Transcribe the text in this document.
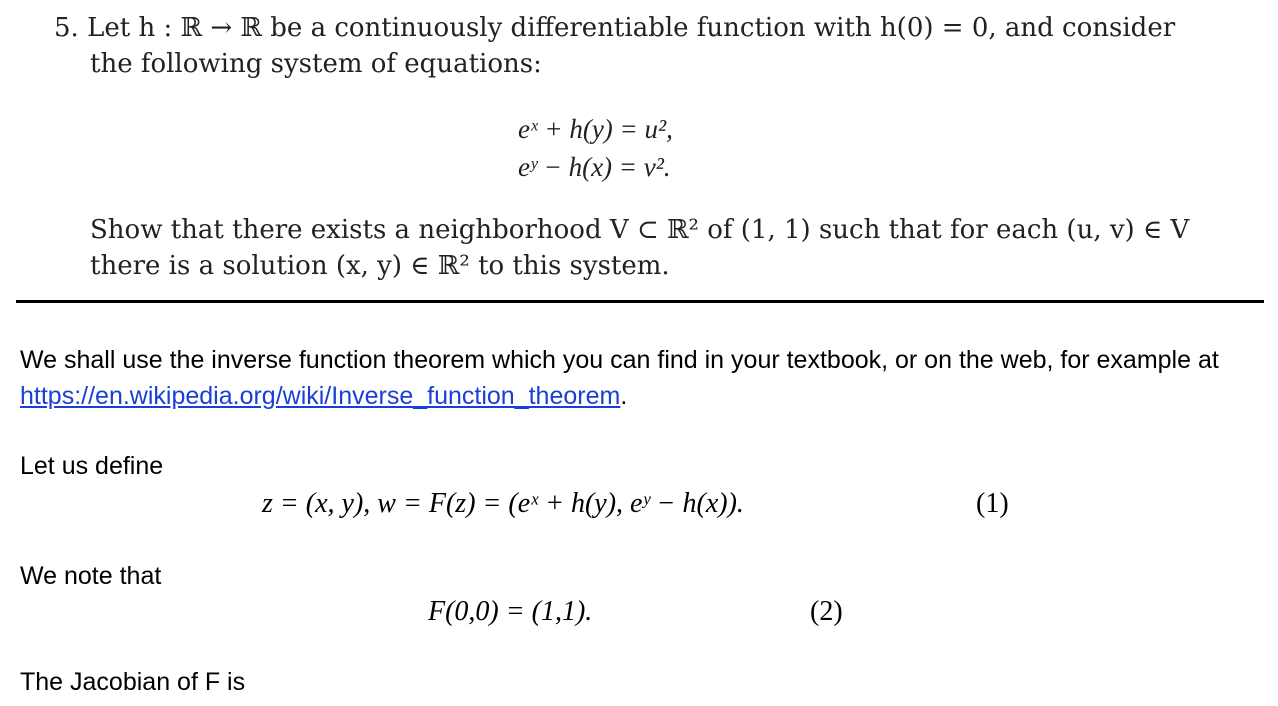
5. Let h : ℝ → ℝ be a continuously differentiable function with h(0) = 0, and consider
the following system of equations:
eˣ + h(y) = u²,
eʸ − h(x) = v².
Show that there exists a neighborhood V ⊂ ℝ² of (1, 1) such that for each (u, v) ∈ V
there is a solution (x, y) ∈ ℝ² to this system.
We shall use the inverse function theorem which you can find in your textbook, or on the web, for example at https://en.wikipedia.org/wiki/Inverse_function_theorem.
Let us define
z = (x, y), w = F(z) = (eˣ + h(y), eʸ − h(x)).	(1)
We note that
F(0,0) = (1,1).	(2)
The Jacobian of F is
